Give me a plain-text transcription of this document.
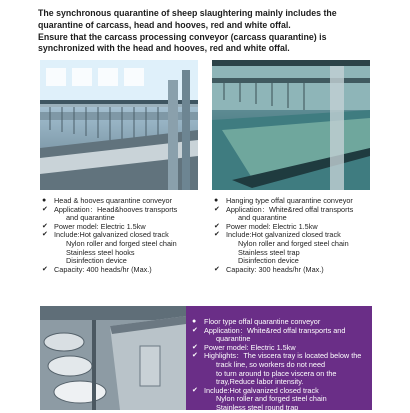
The synchronous quarantine of sheep slaughtering mainly includes the
quarantine of carcass, head and hooves, red and white offal.
Ensure that the carcass processing conveyor (carcass quarantine) is
synchronized with the head and hooves, red and white offal.
●	Head & hooves quarantine conveyor
✔ Application：Head&hooves transports
and quarantine
✔ Power model: Electric 1.5kw
✔ Include:Hot galvanized closed track
Nylon roller and forged steel chain
Stainless steel hooks
Disinfection device
✔ Capacity: 400 heads/hr (Max.)
●	Hanging type offal quarantine conveyor
✔ Application：White&red offal transports
and quarantine
✔ Power model: Electric 1.5kw
✔ Include:Hot galvanized closed track
Nylon roller and forged steel chain
Stainless steel trap
Disinfection device
✔ Capacity: 300 heads/hr (Max.)
●	Floor type offal quarantine conveyor
✔ Application：White&red offal transports and
quarantine
✔ Power model: Electric 1.5kw
✔ Highlights：The viscera tray is located below the
track line, so workers do not need
to turn around to place viscera on the
tray,Reduce labor intensity.
✔ Include:Hot galvanized closed track
Nylon roller and forged steel chain
Stainless steel round trap
